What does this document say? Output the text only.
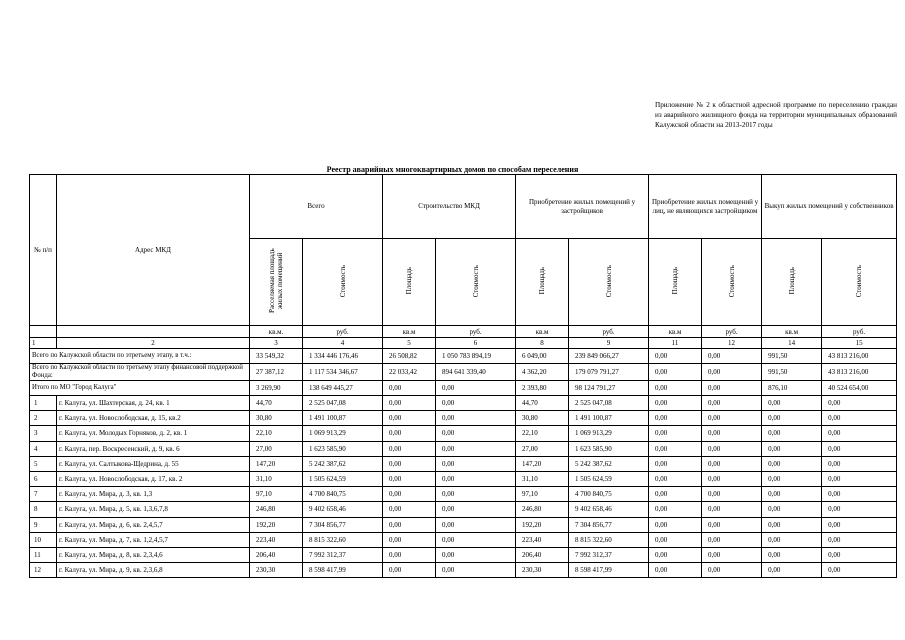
Приложение № 2 к областной адресной программе по переселению граждан из аварийного жилищного фонда на территории муниципальных образований Калужской области на 2013-2017 годы
Реестр аварийных многоквартирных домов по способам переселения
№ п/п	Адрес МКД	Всего		Строительство МКД		Приобретение жилых помещений у застройщиков		Приобретение жилых помещений у лиц, не являющихся застройщиком		Выкуп жилых помещений у собственников	
		Расселяемая площадь жилых помещений	Стоимость	Площадь	Стоимость	Площадь	Стоимость	Площадь	Стоимость	Площадь	Стоимость
		кв.м.	руб.	кв.м	руб.	кв.м	руб.	кв.м	руб.	кв.м	руб.
1	2	3	4	5	6	8	9	11	12	14	15
Всего по Калужской области по этретьему этапу, в т.ч.:		33 549,32	1 334 446 176,46	26 508,82	1 050 783 894,19	6 049,00	239 849 066,27	0,00	0,00	991,50	43 813 216,00
Всего по Калужской области по третьему этапу финансовой поддержкой Фонда:		27 387,12	1 117 534 346,67	22 033,42	894 641 339,40	4 362,20	179 079 791,27	0,00	0,00	991,50	43 813 216,00
Итого по МО "Город Калуга"		3 269,90	138 649 445,27	0,00	0,00	2 393,80	98 124 791,27	0,00	0,00	876,10	40 524 654,00
1	г. Калуга, ул. Шахтерская, д. 24, кв. 1	44,70	2 525 047,08	0,00	0,00	44,70	2 525 047,08	0,00	0,00	0,00	0,00
2	г. Калуга, ул. Новослободская, д. 15, кв.2	30,80	1 491 100,87	0,00	0,00	30,80	1 491 100,87	0,00	0,00	0,00	0,00
3	г. Калуга, ул. Молодых Горняков, д. 2, кв. 1	22,10	1 069 913,29	0,00	0,00	22,10	1 069 913,29	0,00	0,00	0,00	0,00
4	г. Калуга, пер. Воскресенский, д. 9, кв. 6	27,00	1 623 585,90	0,00	0,00	27,00	1 623 585,90	0,00	0,00	0,00	0,00
5	г. Калуга, ул. Салтыкова-Щедрина, д. 55	147,20	5 242 387,62	0,00	0,00	147,20	5 242 387,62	0,00	0,00	0,00	0,00
6	г. Калуга, ул. Новослободская, д. 17, кв. 2	31,10	1 505 624,59	0,00	0,00	31,10	1 505 624,59	0,00	0,00	0,00	0,00
7	г. Калуга, ул. Мира, д. 3, кв. 1,3	97,10	4 700 840,75	0,00	0,00	97,10	4 700 840,75	0,00	0,00	0,00	0,00
8	г. Калуга, ул. Мира, д. 5, кв. 1,3,6,7,8	246,80	9 402 658,46	0,00	0,00	246,80	9 402 658,46	0,00	0,00	0,00	0,00
9	г. Калуга, ул. Мира, д. 6, кв. 2,4,5,7	192,20	7 304 856,77	0,00	0,00	192,20	7 304 856,77	0,00	0,00	0,00	0,00
10	г. Калуга, ул. Мира, д. 7, кв. 1,2,4,5,7	223,40	8 815 322,60	0,00	0,00	223,40	8 815 322,60	0,00	0,00	0,00	0,00
11	г. Калуга, ул. Мира, д. 8, кв. 2,3,4,6	206,40	7 992 312,37	0,00	0,00	206,40	7 992 312,37	0,00	0,00	0,00	0,00
12	г. Калуга, ул. Мира, д. 9, кв. 2,3,6,8	230,30	8 598 417,99	0,00	0,00	230,30	8 598 417,99	0,00	0,00	0,00	0,00
